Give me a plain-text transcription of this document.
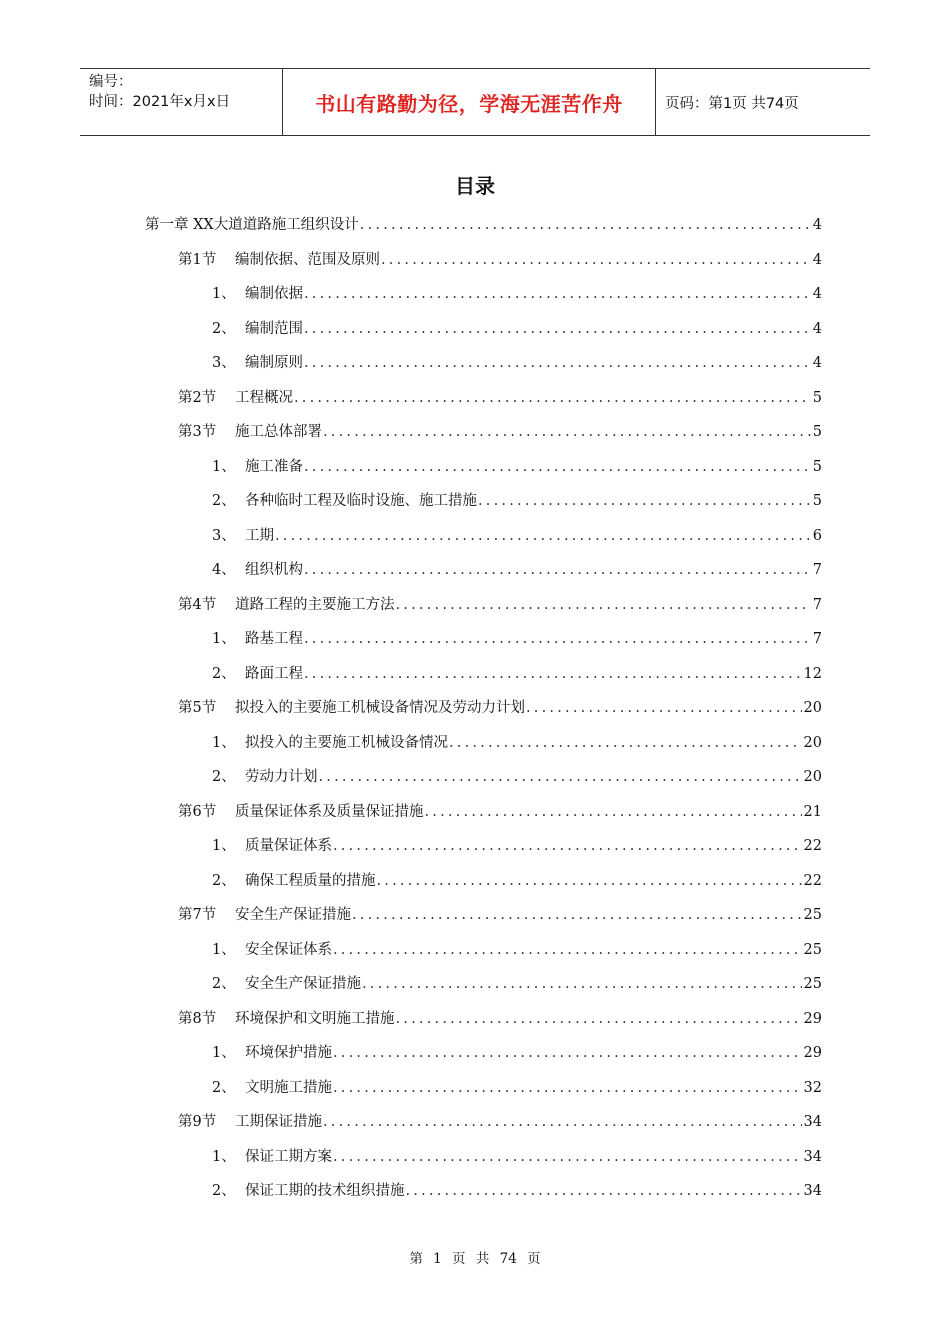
编号：
时间：2021年x月x日	书山有路勤为径，学海无涯苦作舟	页码：第1页 共74页
目录
第一章 XX大道道路施工组织设计 .....	4
第1节	编制依据、范围及原则 .....	4
1、 编制依据 .....	4
2、 编制范围 .....	4
3、 编制原则 .....	4
第2节	工程概况 .....	5
第3节	施工总体部署 .....	5
1、 施工准备 .....	5
2、 各种临时工程及临时设施、施工措施 .....	5
3、 工期 .....	6
4、 组织机构 .....	7
第4节	道路工程的主要施工方法 .....	7
1、 路基工程 .....	7
2、 路面工程 .....	12
第5节	拟投入的主要施工机械设备情况及劳动力计划 .....	20
1、 拟投入的主要施工机械设备情况 .....	20
2、 劳动力计划 .....	20
第6节	质量保证体系及质量保证措施 .....	21
1、 质量保证体系 .....	22
2、 确保工程质量的措施 .....	22
第7节	安全生产保证措施 .....	25
1、 安全保证体系 .....	25
2、 安全生产保证措施 .....	25
第8节	环境保护和文明施工措施 .....	29
1、 环境保护措施 .....	29
2、 文明施工措施 .....	32
第9节	工期保证措施 .....	34
1、 保证工期方案 .....	34
2、 保证工期的技术组织措施 .....	34
第 1 页 共 74 页
